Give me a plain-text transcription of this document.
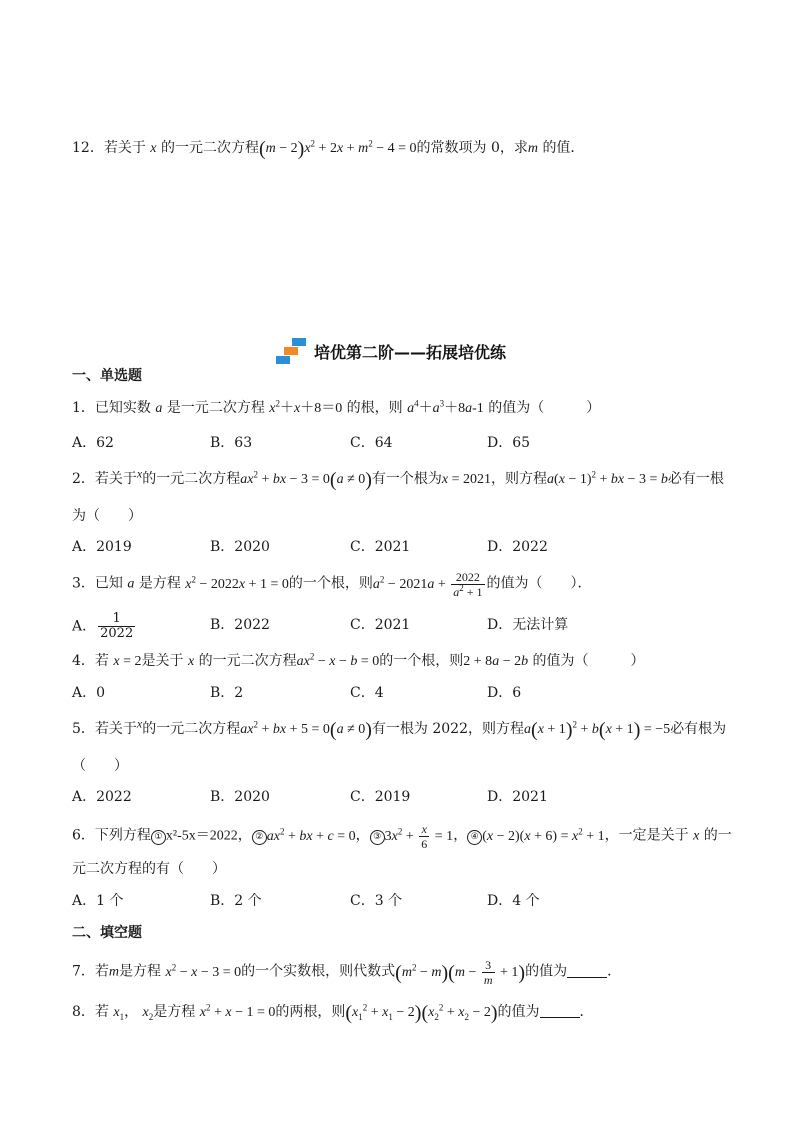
12．若关于 x 的一元二次方程$(m - 2)x^2 + 2x + m^2 - 4 = 0$的常数项为 0，求m 的值．
培优第二阶——拓展培优练
一、单选题
1．已知实数 a 是一元二次方程 $x^2+x+8=0$ 的根，则 $a^4+a^3+8a-1$ 的值为（　　　）
A．62	B．63	C．64	D．65
2．若关于$^x$的一元二次方程$ax^2$ + bx − 3 = 0(a ≠ 0)有一个根为x = 2021，则方程$a(x - 1)^2$ + bx − 3 = b必有一根
为（　　）
A．2019	B．2020	C．2021	D．2022
3．已知 a 是方程 $x^2 - 2022x + 1 = 0$的一个根，则$a^2 - 2021a + \frac{2022}{a^2 + 1}$ 的值为（　　）．
A． $\frac{1}{2022}$	B．2022	C．2021	D．无法计算
4．若 x = 2是关于 x 的一元二次方程$ax^2 - x - b = 0$的一个根，则2 + 8a − 2b 的值为（　　　）
A．0	B．2	C．4	D．6
5．若关于$^x$的一元二次方程$ax^2$ + bx + 5 = 0(a ≠ 0)有一根为 2022，则方程$a(x + 1)^2 + b(x + 1) = -5$必有根为
（　　）
A．2022	B．2020	C．2019	D．2021
6．下列方程 ① x²-5x＝2022， ② $ax^2$ + bx + c = 0， ③ $3x^2 + \frac{x}{6} = 1$， ④ $(x - 2)(x + 6) = x^2 + 1$，一定是关于 x 的一
元二次方程的有（　　）
A．1 个	B．2 个	C．3 个	D．4 个
二、填空题
7．若m是方程 $x^2 - x - 3 = 0$的一个实数根，则代数式$(m^2 - m)(m - \frac{3}{m} + 1)$的值为	．
8．若 $x_1$， $x_2$是方程 $x^2 + x - 1 = 0$的两根，则$(x_1^2 + x_1 - 2)(x_2^2 + x_2 - 2)$的值为	．
